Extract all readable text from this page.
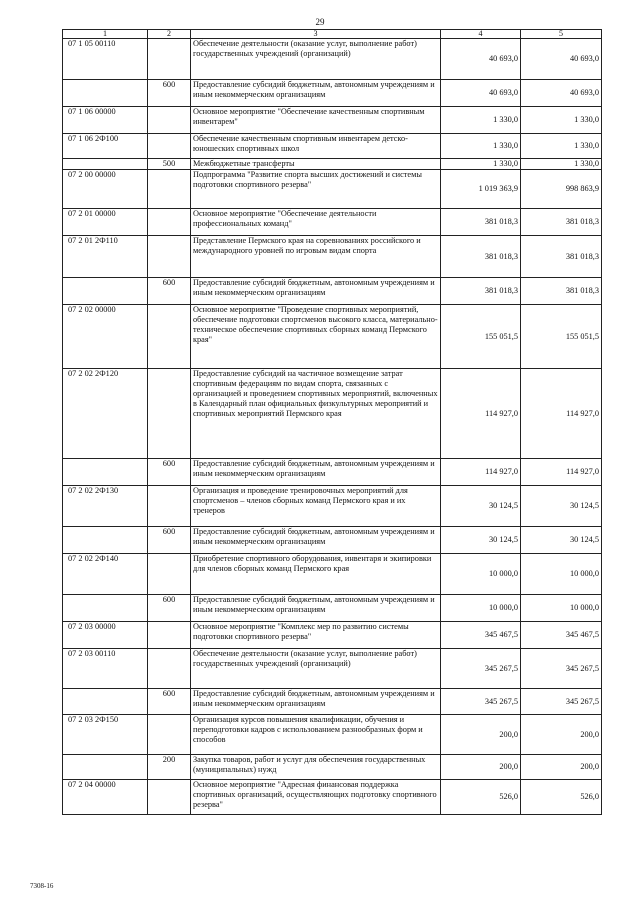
29
1	2	3	4	5
07 1 05 00110		Обеспечение деятельности (оказание услуг, выполнение работ) государственных учреждений (организаций)	40 693,0	40 693,0
	600	Предоставление субсидий бюджетным, автономным учреждениям и иным некоммерческим организациям	40 693,0	40 693,0
07 1 06 00000		Основное мероприятие "Обеспечение качественным спортивным инвентарем"	1 330,0	1 330,0
07 1 06 2Ф100		Обеспечение качественным спортивным инвентарем детско-юношеских спортивных школ	1 330,0	1 330,0
	500	Межбюджетные трансферты	1 330,0	1 330,0
07 2 00 00000		Подпрограмма "Развитие спорта высших достижений и системы подготовки спортивного резерва"	1 019 363,9	998 863,9
07 2 01 00000		Основное мероприятие "Обеспечение деятельности профессиональных команд"	381 018,3	381 018,3
07 2 01 2Ф110		Представление Пермского края на соревнованиях российского и международного уровней по игровым видам спорта	381 018,3	381 018,3
	600	Предоставление субсидий бюджетным, автономным учреждениям и иным некоммерческим организациям	381 018,3	381 018,3
07 2 02 00000		Основное мероприятие "Проведение спортивных мероприятий, обеспечение подготовки спортсменов высокого класса, материально-техническое обеспечение спортивных сборных команд Пермского края"	155 051,5	155 051,5
07 2 02 2Ф120		Предоставление субсидий на частичное возмещение затрат спортивным федерациям по видам спорта, связанных с организацией и проведением спортивных мероприятий, включенных в Календарный план официальных физкультурных мероприятий и спортивных мероприятий Пермского края	114 927,0	114 927,0
	600	Предоставление субсидий бюджетным, автономным учреждениям и иным некоммерческим организациям	114 927,0	114 927,0
07 2 02 2Ф130		Организация и проведение тренировочных мероприятий для спортсменов – членов сборных команд Пермского края и их тренеров	30 124,5	30 124,5
	600	Предоставление субсидий бюджетным, автономным учреждениям и иным некоммерческим организациям	30 124,5	30 124,5
07 2 02 2Ф140		Приобретение спортивного оборудования, инвентаря и экипировки для членов сборных команд Пермского края	10 000,0	10 000,0
	600	Предоставление субсидий бюджетным, автономным учреждениям и иным некоммерческим организациям	10 000,0	10 000,0
07 2 03 00000		Основное мероприятие "Комплекс мер по развитию системы подготовки спортивного резерва"	345 467,5	345 467,5
07 2 03 00110		Обеспечение деятельности (оказание услуг, выполнение работ) государственных учреждений (организаций)	345 267,5	345 267,5
	600	Предоставление субсидий бюджетным, автономным учреждениям и иным некоммерческим организациям	345 267,5	345 267,5
07 2 03 2Ф150		Организация курсов повышения квалификации, обучения и переподготовки кадров с использованием разнообразных форм и способов	200,0	200,0
	200	Закупка товаров, работ и услуг для обеспечения государственных (муниципальных) нужд	200,0	200,0
07 2 04 00000		Основное мероприятие "Адресная финансовая поддержка спортивных организаций, осуществляющих подготовку спортивного резерва"	526,0	526,0
7308-16
